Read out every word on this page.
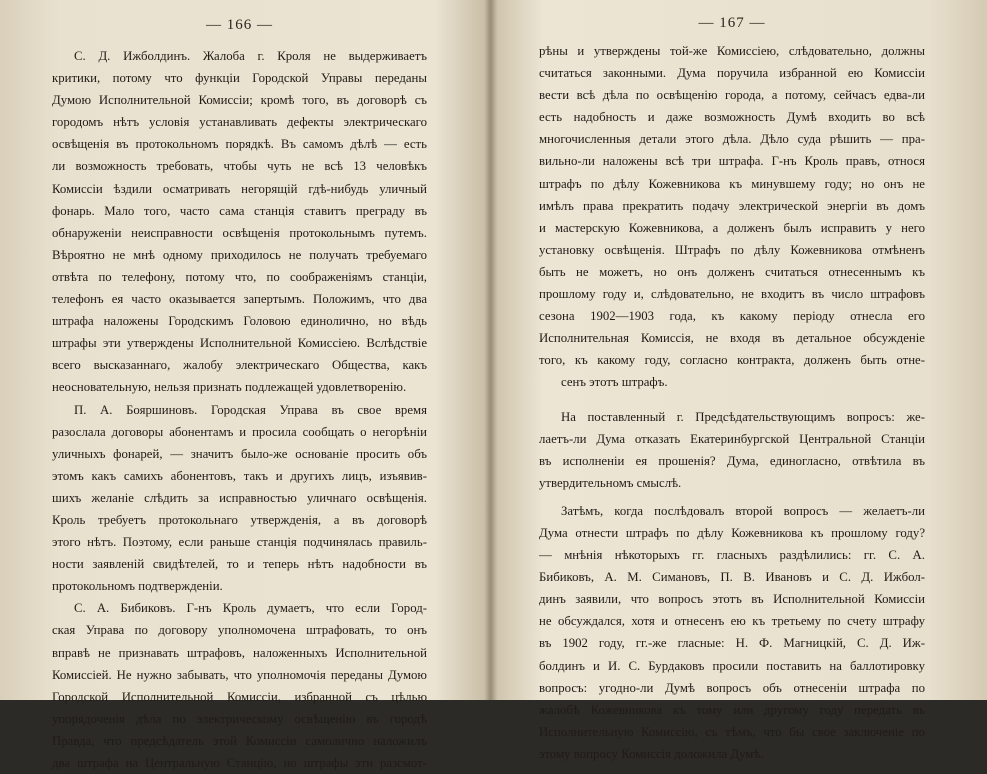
— 166 —
С. Д. Ижболдинъ. Жалоба г. Кроля не выдерживаетъ
критики, потому что функціи Городской Управы переданы
Думою Исполнительной Комиссіи; кромѣ того, въ договорѣ съ
городомъ нѣтъ условія устанавливать дефекты электрическаго
освѣщенія въ протокольномъ порядкѣ. Въ самомъ дѣлѣ — есть
ли возможность требовать, чтобы чуть не всѣ 13 человѣкъ
Комиссіи ѣздили осматривать негорящій гдѣ-нибудь уличный
фонарь. Мало того, часто сама станція ставитъ преграду въ
обнаруженіи неисправности освѣщенія протокольнымъ путемъ.
Вѣроятно не мнѣ одному приходилось не получать требуемаго
отвѣта по телефону, потому что, по соображеніямъ станціи,
телефонъ ея часто оказывается запертымъ. Положимъ, что два
штрафа наложены Городскимъ Головою единолично, но вѣдь
штрафы эти утверждены Исполнительной Комиссіею. Вслѣдствіе
всего высказаннаго, жалобу электрическаго Общества, какъ
неосновательную, нельзя признать подлежащей удовлетворенію.
П. А. Бояршиновъ. Городская Управа въ свое время
разослала договоры абонентамъ и просила сообщать о негорѣніи
уличныхъ фонарей, — значитъ было-же основаніе просить объ
этомъ какъ самихъ абонентовъ, такъ и другихъ лицъ, изъявив-
шихъ желаніе слѣдить за исправностью уличнаго освѣщенія.
Кроль требуетъ протокольнаго утвержденія, а въ договорѣ
этого нѣтъ. Поэтому, если раньше станція подчинялась правиль-
ности заявленій свидѣтелей, то и теперь нѣтъ надобности въ
протокольномъ подтвержденіи.
С. А. Бибиковъ. Г-нъ Кроль думаетъ, что если Город-
ская Управа по договору уполномочена штрафовать, то онъ
вправѣ не признавать штрафовъ, наложенныхъ Исполнительной
Комиссіей. Не нужно забывать, что уполномочія переданы Думою
Городской Исполнительной Комиссіи, избранной съ цѣлью
упорядоченія дѣла по электрическому освѣщенію въ городѣ
Правда, что предсѣдатель этой Комиссіи самолично наложилъ
два штрафа на Центральную Станцію, но штрафы эти разсмот-
— 167 —
рѣны и утверждены той-же Комиссіею, слѣдовательно, должны
считаться законными. Дума поручила избранной ею Комиссіи
вести всѣ дѣла по освѣщенію города, а потому, сейчасъ едва-ли
есть надобность и даже возможность Думѣ входить во всѣ
многочисленныя детали этого дѣла. Дѣло суда рѣшить — пра-
вильно-ли наложены всѣ три штрафа. Г-нъ Кроль правъ, относя
штрафъ по дѣлу Кожевникова къ минувшему году; но онъ не
имѣлъ права прекратить подачу электрической энергіи въ домъ
и мастерскую Кожевникова, а долженъ былъ исправить у него
установку освѣщенія. Штрафъ по дѣлу Кожевникова отмѣненъ
быть не можетъ, но онъ долженъ считаться отнесеннымъ къ
прошлому году и, слѣдовательно, не входитъ въ число штрафовъ
сезона 1902—1903 года, къ какому періоду отнесла его
Исполнительная Комиссія, не входя въ детальное обсужденіе
того, къ какому году, согласно контракта, долженъ быть отне-
сенъ этотъ штрафъ.
На поставленный г. Предсѣдательствующимъ вопросъ: же-
лаетъ-ли Дума отказать Екатеринбургской Центральной Станціи
въ исполненіи ея прошенія? Дума, единогласно, отвѣтила въ
утвердительномъ смыслѣ.
Затѣмъ, когда послѣдовалъ второй вопросъ — желаетъ-ли
Дума отнести штрафъ по дѣлу Кожевникова къ прошлому году?
— мнѣнія нѣкоторыхъ гг. гласныхъ раздѣлились: гг. С. А.
Бибиковъ, А. М. Симановъ, П. В. Ивановъ и С. Д. Ижбол-
динъ заявили, что вопросъ этотъ въ Исполнительной Комиссіи
не обсуждался, хотя и отнесенъ ею къ третьему по счету штрафу
въ 1902 году, гг.-же гласные: Н. Ф. Магницкій, С. Д. Иж-
болдинъ и И. С. Бурдаковъ просили поставить на баллотировку
вопросъ: угодно-ли Думѣ вопросъ объ отнесеніи штрафа по
жалобѣ Кожевникова къ тому или другому году передать въ
Исполнительную Комиссію, съ тѣмъ, что бы свое заключеніе по
этому вопросу Комиссія доложила Думѣ.
